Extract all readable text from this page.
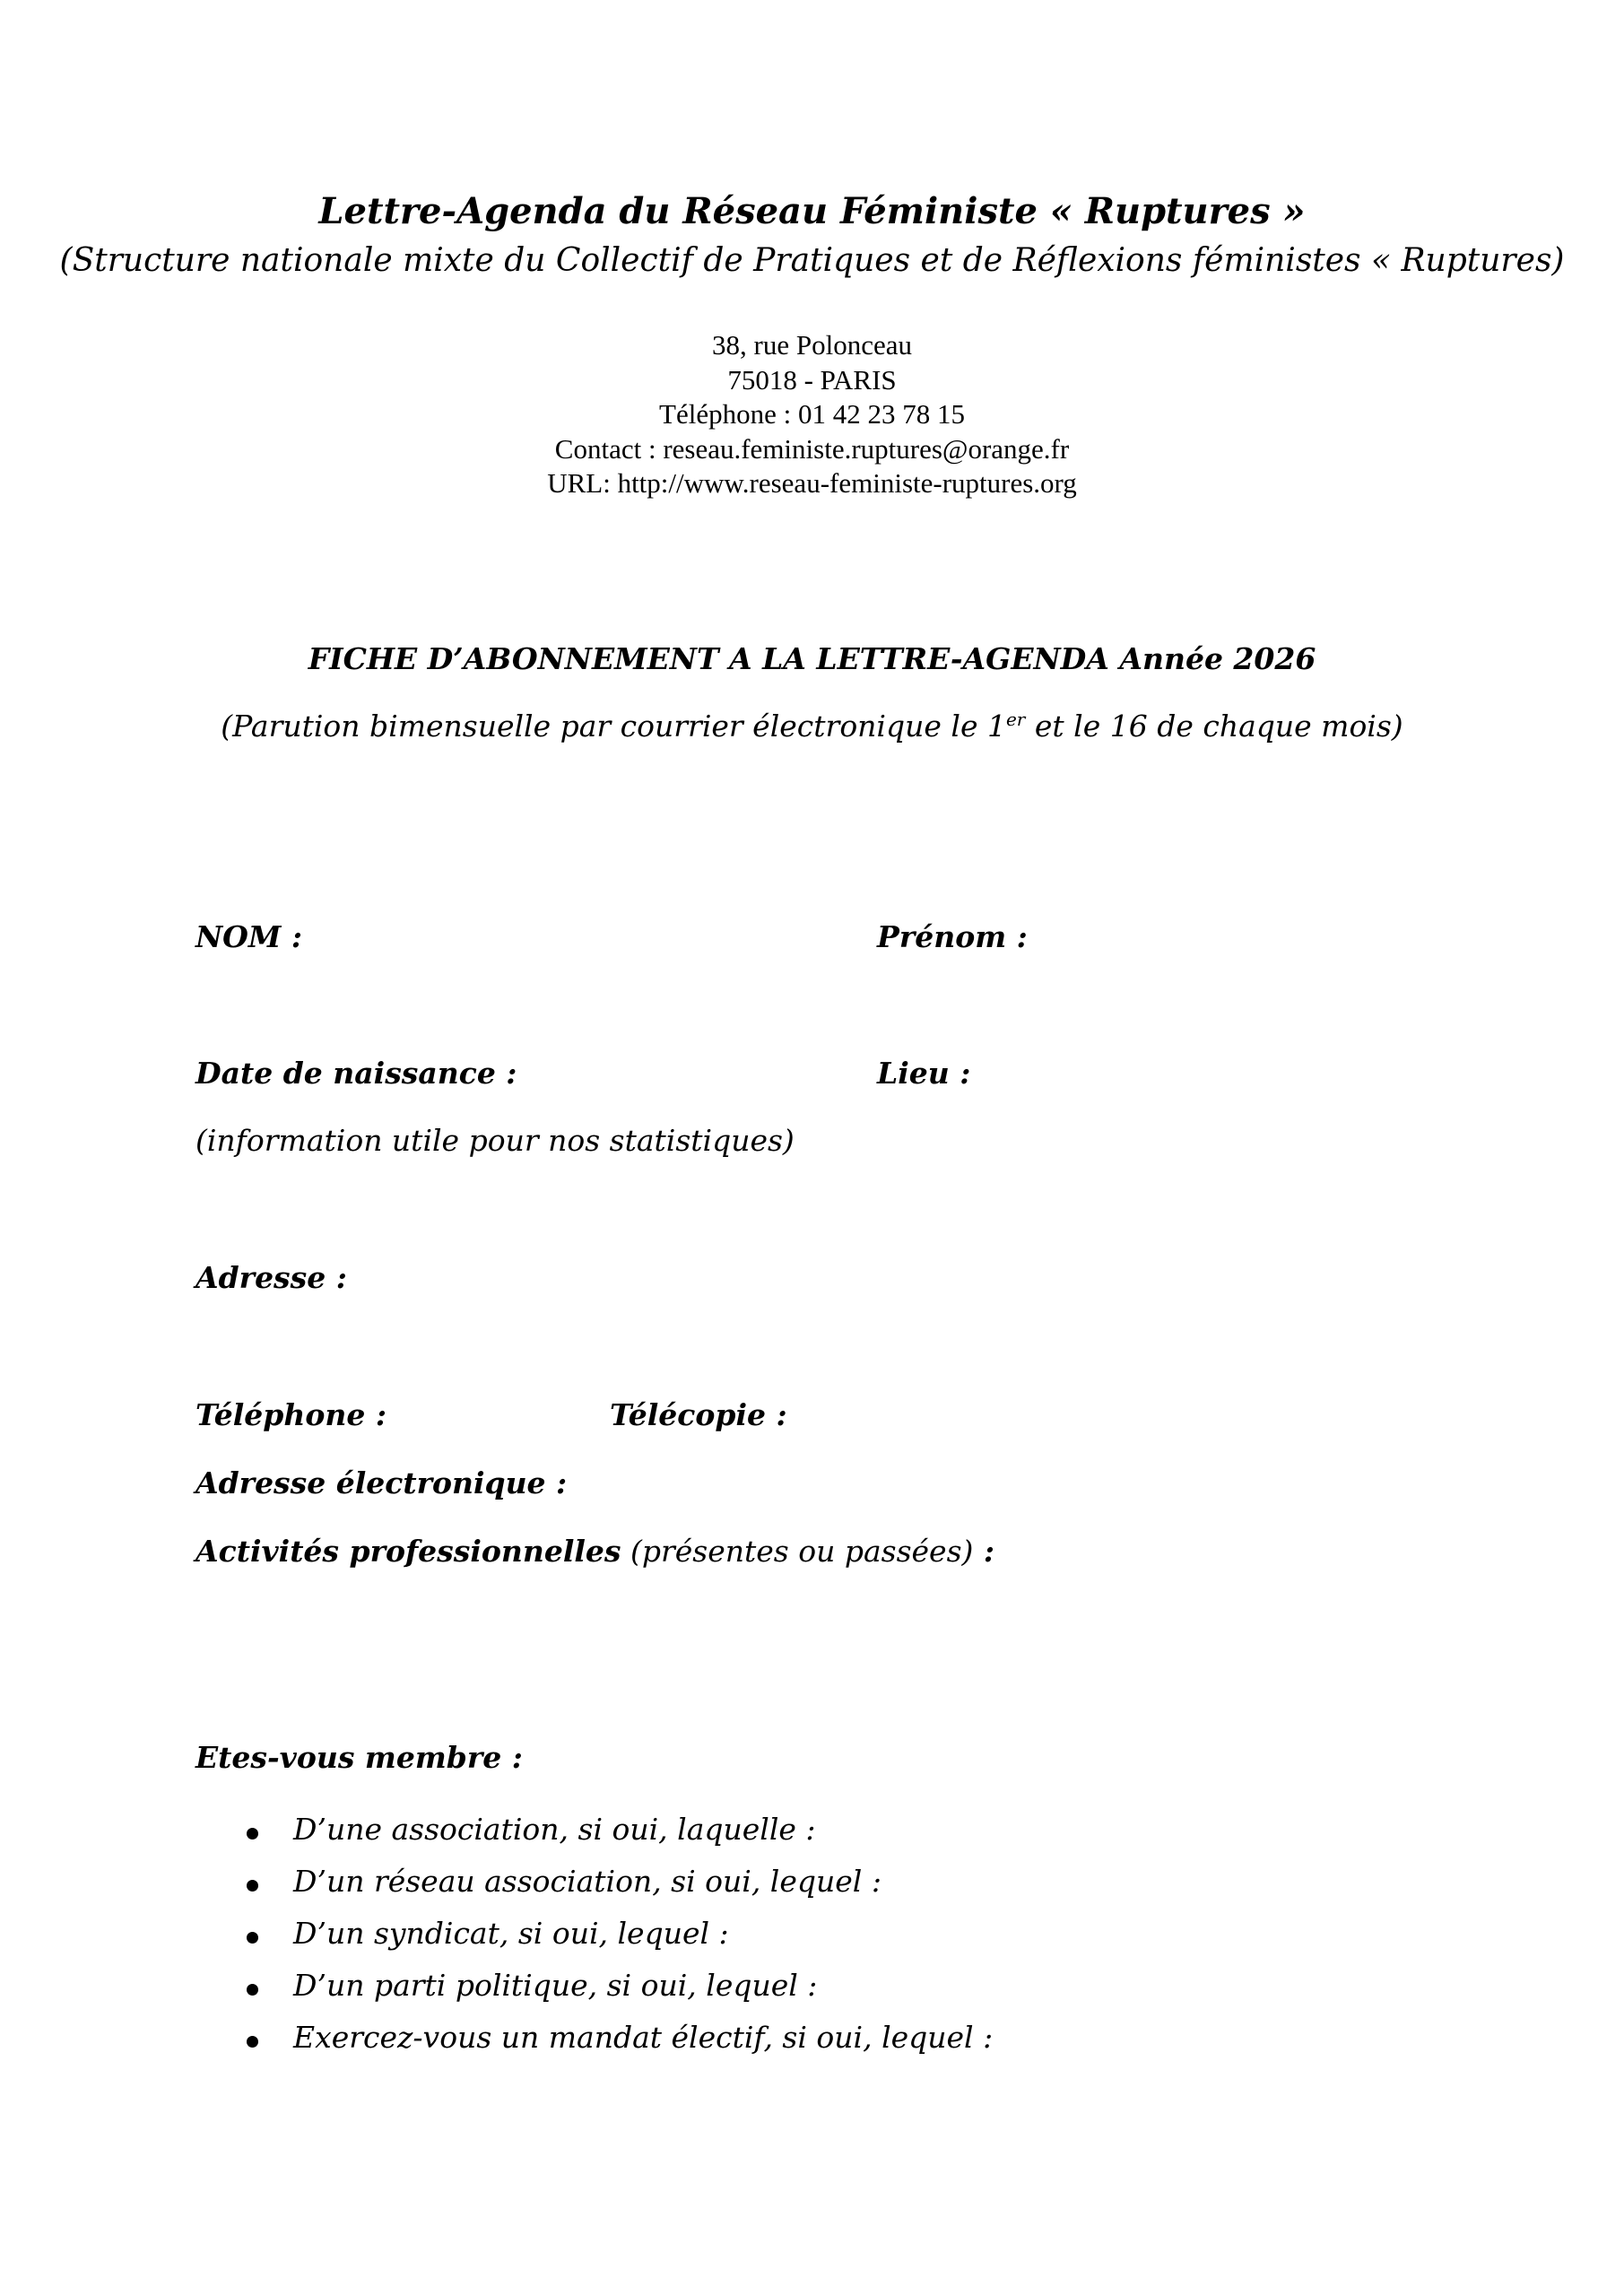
Lettre-Agenda du Réseau Féministe « Ruptures »
(Structure nationale mixte du Collectif de Pratiques et de Réflexions féministes « Ruptures)
38, rue Polonceau
75018 - PARIS
Téléphone : 01 42 23 78 15
Contact : reseau.feministe.ruptures@orange.fr
URL: http://www.reseau-feministe-ruptures.org
FICHE D’ABONNEMENT A LA LETTRE-AGENDA Année 2026
(Parution bimensuelle par courrier électronique le 1er et le 16 de chaque mois)
NOM :	Prénom :
Date de naissance :	Lieu :
(information utile pour nos statistiques)
Adresse :
Téléphone :	Télécopie :
Adresse électronique :
Activités professionnelles (présentes ou passées) :
Etes-vous membre :
D’une association, si oui, laquelle :
D’un réseau association, si oui, lequel :
D’un syndicat, si oui, lequel :
D’un parti politique, si oui, lequel :
Exercez-vous un mandat électif, si oui, lequel :
